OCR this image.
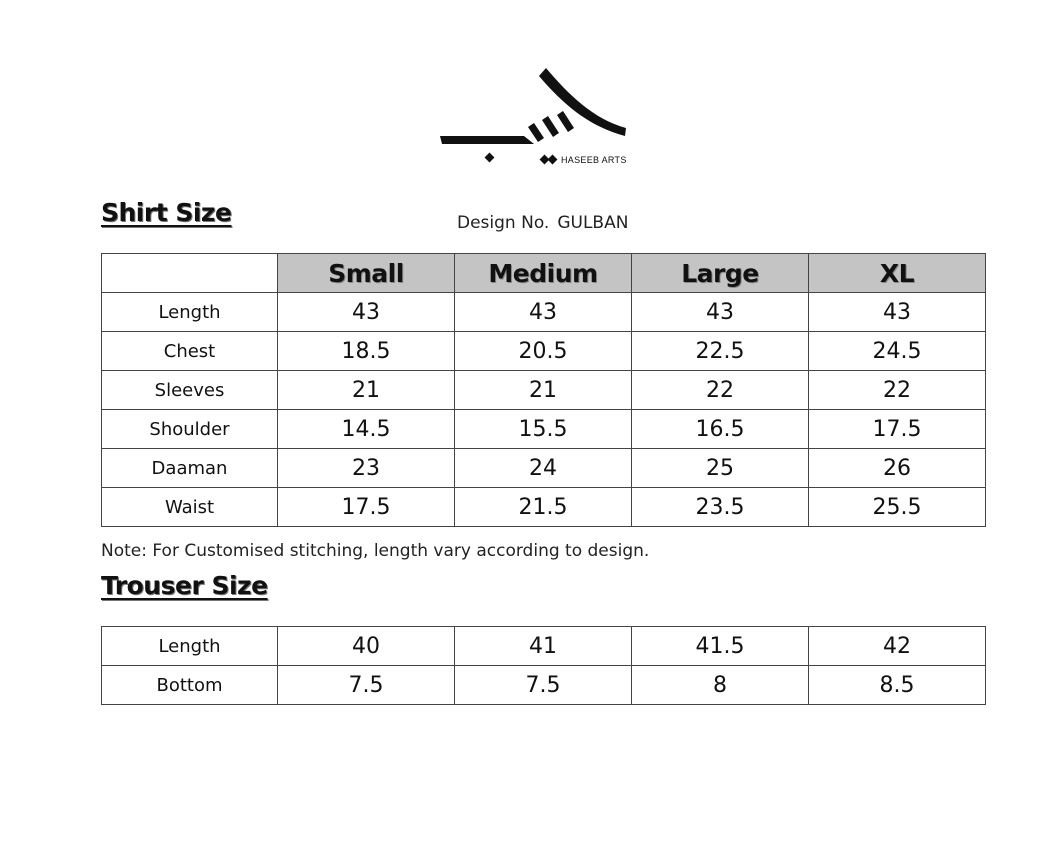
HASEEB ARTS
Shirt Size	Design No. GULBAN
	Small	Medium	Large	XL
Length	43	43	43	43
Chest	18.5	20.5	22.5	24.5
Sleeves	21	21	22	22
Shoulder	14.5	15.5	16.5	17.5
Daaman	23	24	25	26
Waist	17.5	21.5	23.5	25.5
Note: For Customised stitching, length vary according to design.
Trouser Size
Length	40	41	41.5	42
Bottom	7.5	7.5	8	8.5
